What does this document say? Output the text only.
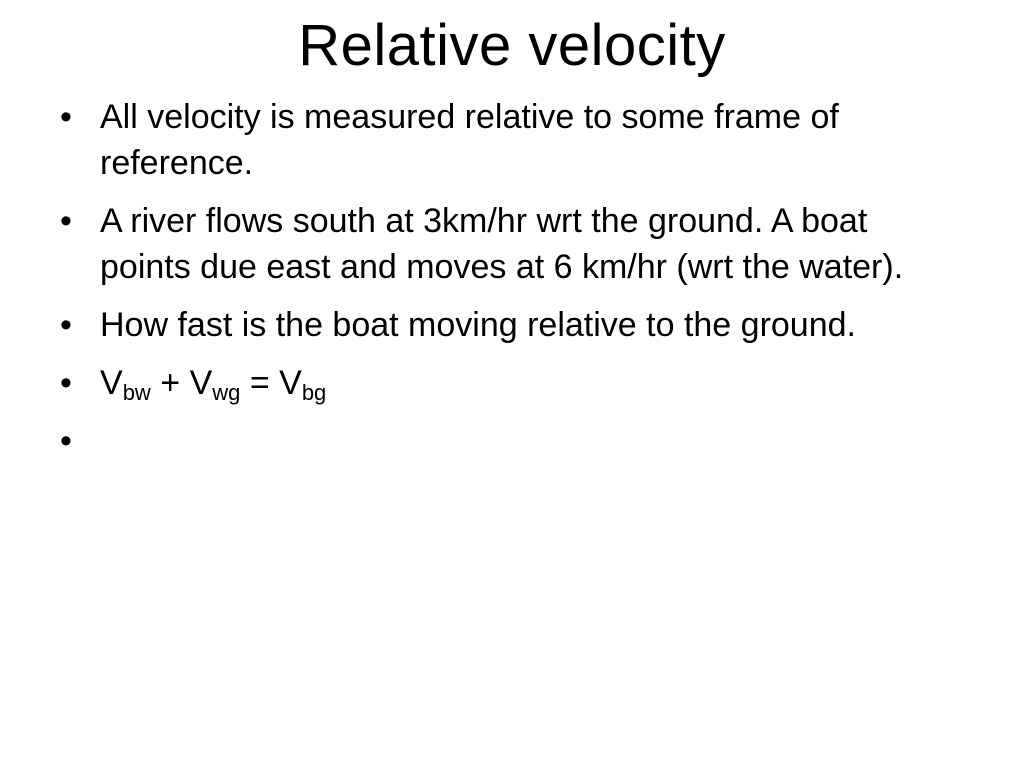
Relative velocity
• All velocity is measured relative to some frame of reference.
• A river flows south at 3km/hr wrt the ground. A boat points due east and moves at 6 km/hr (wrt the water).
• How fast is the boat moving relative to the ground.
• $V_{bw} + V_{wg} = V_{bg}$
•
